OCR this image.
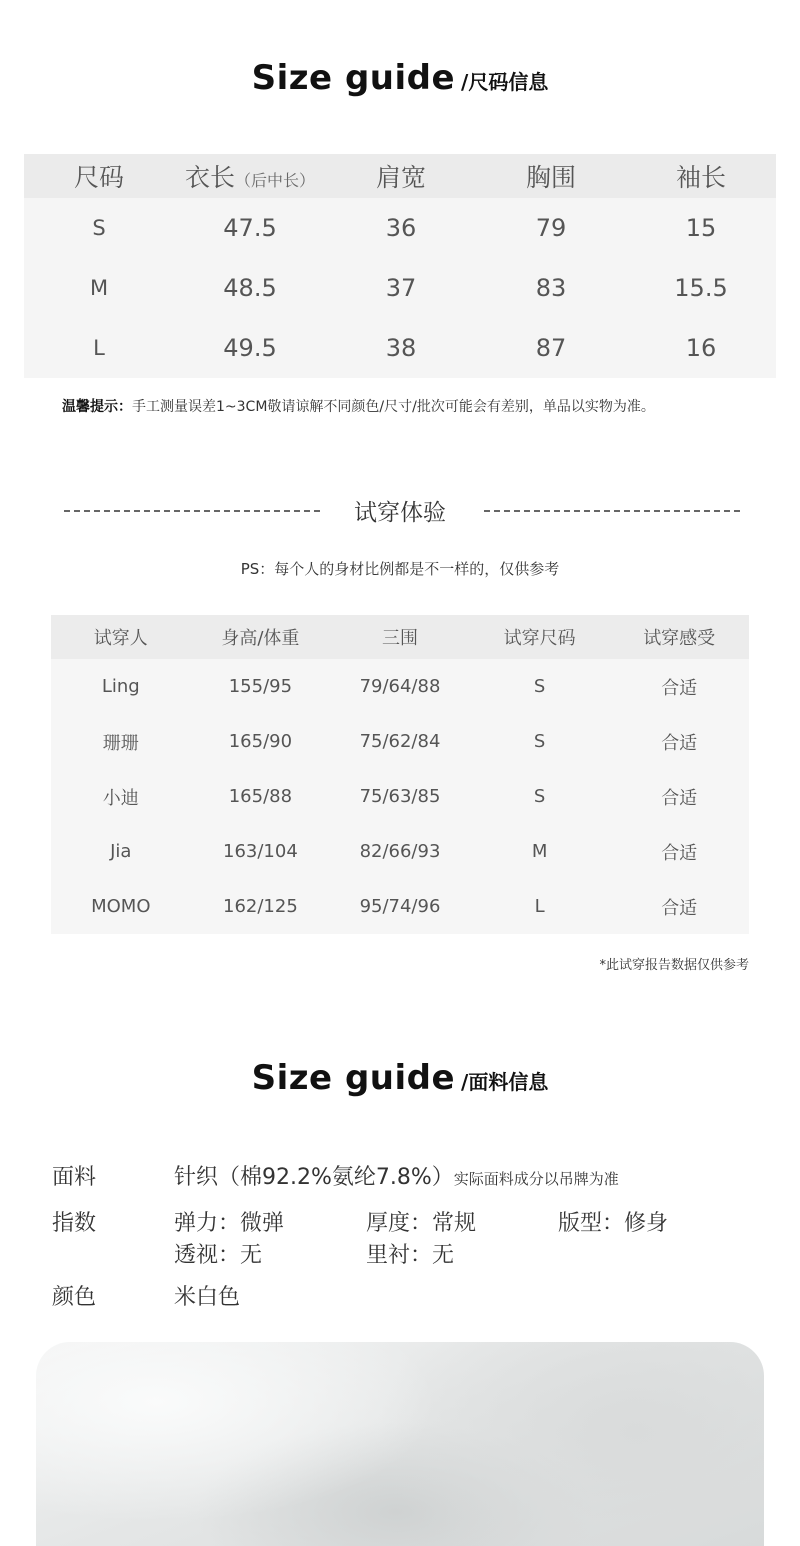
Size guide /尺码信息
尺码	衣长（后中长）	肩宽	胸围	袖长
S	47.5	36	79	15
M	48.5	37	83	15.5
L	49.5	38	87	16
温馨提示：手工测量误差1~3CM敬请谅解不同颜色/尺寸/批次可能会有差别，单品以实物为准。
试穿体验
PS：每个人的身材比例都是不一样的，仅供参考
试穿人	身高/体重	三围	试穿尺码	试穿感受
Ling	155/95	79/64/88	S	合适
珊珊	165/90	75/62/84	S	合适
小迪	165/88	75/63/85	S	合适
Jia	163/104	82/66/93	M	合适
MOMO	162/125	95/74/96	L	合适
*此试穿报告数据仅供参考
Size guide /面料信息
面料	针织（棉92.2%氨纶7.8%）实际面料成分以吊牌为准
指数	弹力：微弹	厚度：常规	版型：修身
透视：无	里衬：无
颜色	米白色
